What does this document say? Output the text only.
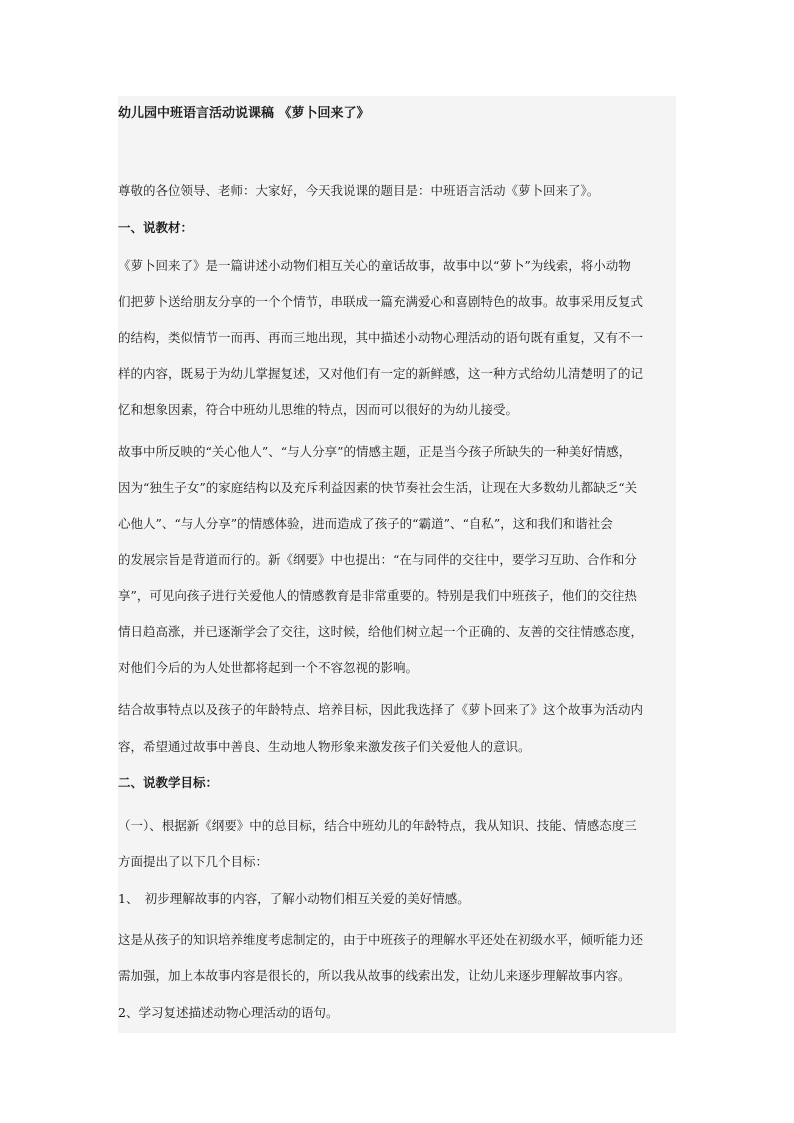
幼儿园中班语言活动说课稿 《萝卜回来了》
尊敬的各位领导、老师：大家好，今天我说课的题目是：中班语言活动《萝卜回来了》。
一、说教材：
《萝卜回来了》是一篇讲述小动物们相互关心的童话故事，故事中以“萝卜”为线索，将小动物
们把萝卜送给朋友分享的一个个情节，串联成一篇充满爱心和喜剧特色的故事。故事采用反复式
的结构，类似情节一而再、再而三地出现，其中描述小动物心理活动的语句既有重复，又有不一
样的内容，既易于为幼儿掌握复述，又对他们有一定的新鲜感，这一种方式给幼儿清楚明了的记
忆和想象因素，符合中班幼儿思维的特点，因而可以很好的为幼儿接受。
故事中所反映的“关心他人”、“与人分享”的情感主题，正是当今孩子所缺失的一种美好情感，
因为“独生子女”的家庭结构以及充斥利益因素的快节奏社会生活，让现在大多数幼儿都缺乏“关
心他人”、“与人分享”的情感体验，进而造成了孩子的“霸道”、“自私”，这和我们和谐社会
的发展宗旨是背道而行的。新《纲要》中也提出：“在与同伴的交往中，要学习互助、合作和分
享”，可见向孩子进行关爱他人的情感教育是非常重要的。特别是我们中班孩子，他们的交往热
情日趋高涨，并已逐渐学会了交往，这时候，给他们树立起一个正确的、友善的交往情感态度，
对他们今后的为人处世都将起到一个不容忽视的影响。
结合故事特点以及孩子的年龄特点、培养目标，因此我选择了《萝卜回来了》这个故事为活动内
容，希望通过故事中善良、生动地人物形象来激发孩子们关爱他人的意识。
二、说教学目标：
（一）、根据新《纲要》中的总目标，结合中班幼儿的年龄特点，我从知识、技能、情感态度三
方面提出了以下几个目标：
1、　初步理解故事的内容，了解小动物们相互关爱的美好情感。
这是从孩子的知识培养维度考虑制定的，由于中班孩子的理解水平还处在初级水平，倾听能力还
需加强，加上本故事内容是很长的，所以我从故事的线索出发，让幼儿来逐步理解故事内容。
2、学习复述描述动物心理活动的语句。
